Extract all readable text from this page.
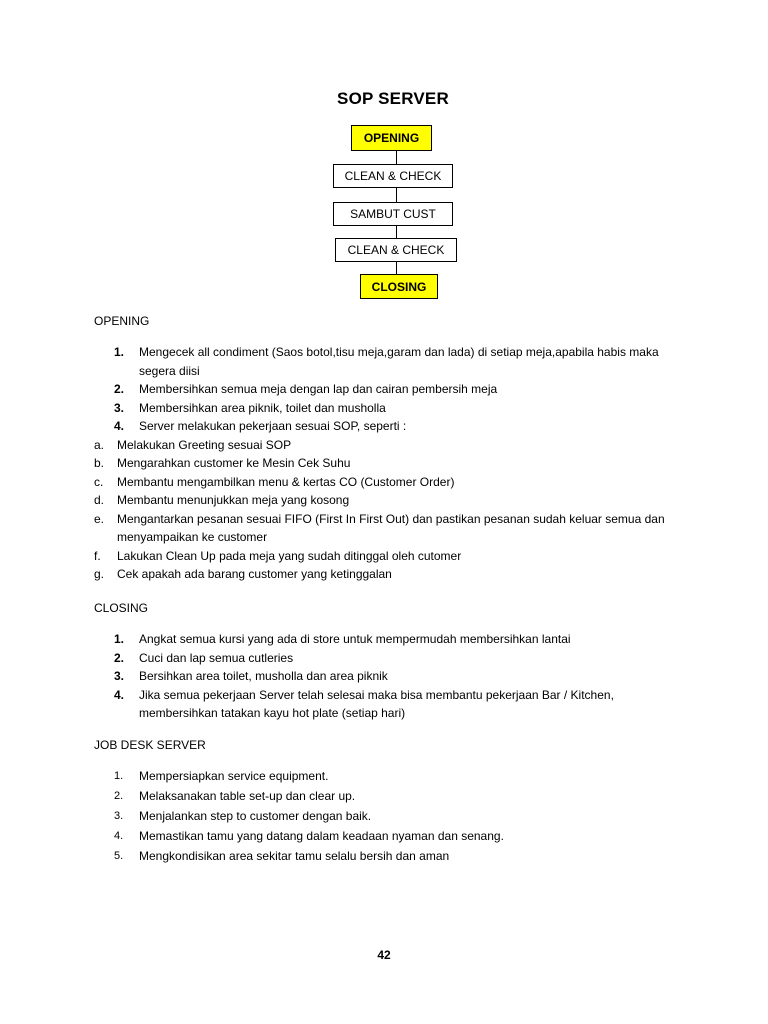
SOP SERVER
OPENING
CLEAN & CHECK
SAMBUT CUST
CLEAN & CHECK
CLOSING
OPENING
1. Mengecek all condiment (Saos botol,tisu meja,garam dan lada) di setiap meja,apabila habis maka segera diisi
2. Membersihkan semua meja dengan lap dan cairan pembersih meja
3. Membersihkan area piknik, toilet dan musholla
4. Server melakukan pekerjaan sesuai SOP, seperti :
a. Melakukan Greeting sesuai SOP
b. Mengarahkan customer ke Mesin Cek Suhu
c. Membantu mengambilkan menu & kertas CO (Customer Order)
d. Membantu menunjukkan meja yang kosong
e. Mengantarkan pesanan sesuai FIFO (First In First Out) dan pastikan pesanan sudah keluar semua dan menyampaikan ke customer
f. Lakukan Clean Up pada meja yang sudah ditinggal oleh cutomer
g. Cek apakah ada barang customer yang ketinggalan
CLOSING
1. Angkat semua kursi yang ada di store untuk mempermudah membersihkan lantai
2. Cuci dan lap semua cutleries
3. Bersihkan area toilet, musholla dan area piknik
4. Jika semua pekerjaan Server telah selesai maka bisa membantu pekerjaan Bar / Kitchen, membersihkan tatakan kayu hot plate (setiap hari)
JOB DESK SERVER
1. Mempersiapkan service equipment.
2. Melaksanakan table set-up dan clear up.
3. Menjalankan step to customer dengan baik.
4. Memastikan tamu yang datang dalam keadaan nyaman dan senang.
5. Mengkondisikan area sekitar tamu selalu bersih dan aman
42
